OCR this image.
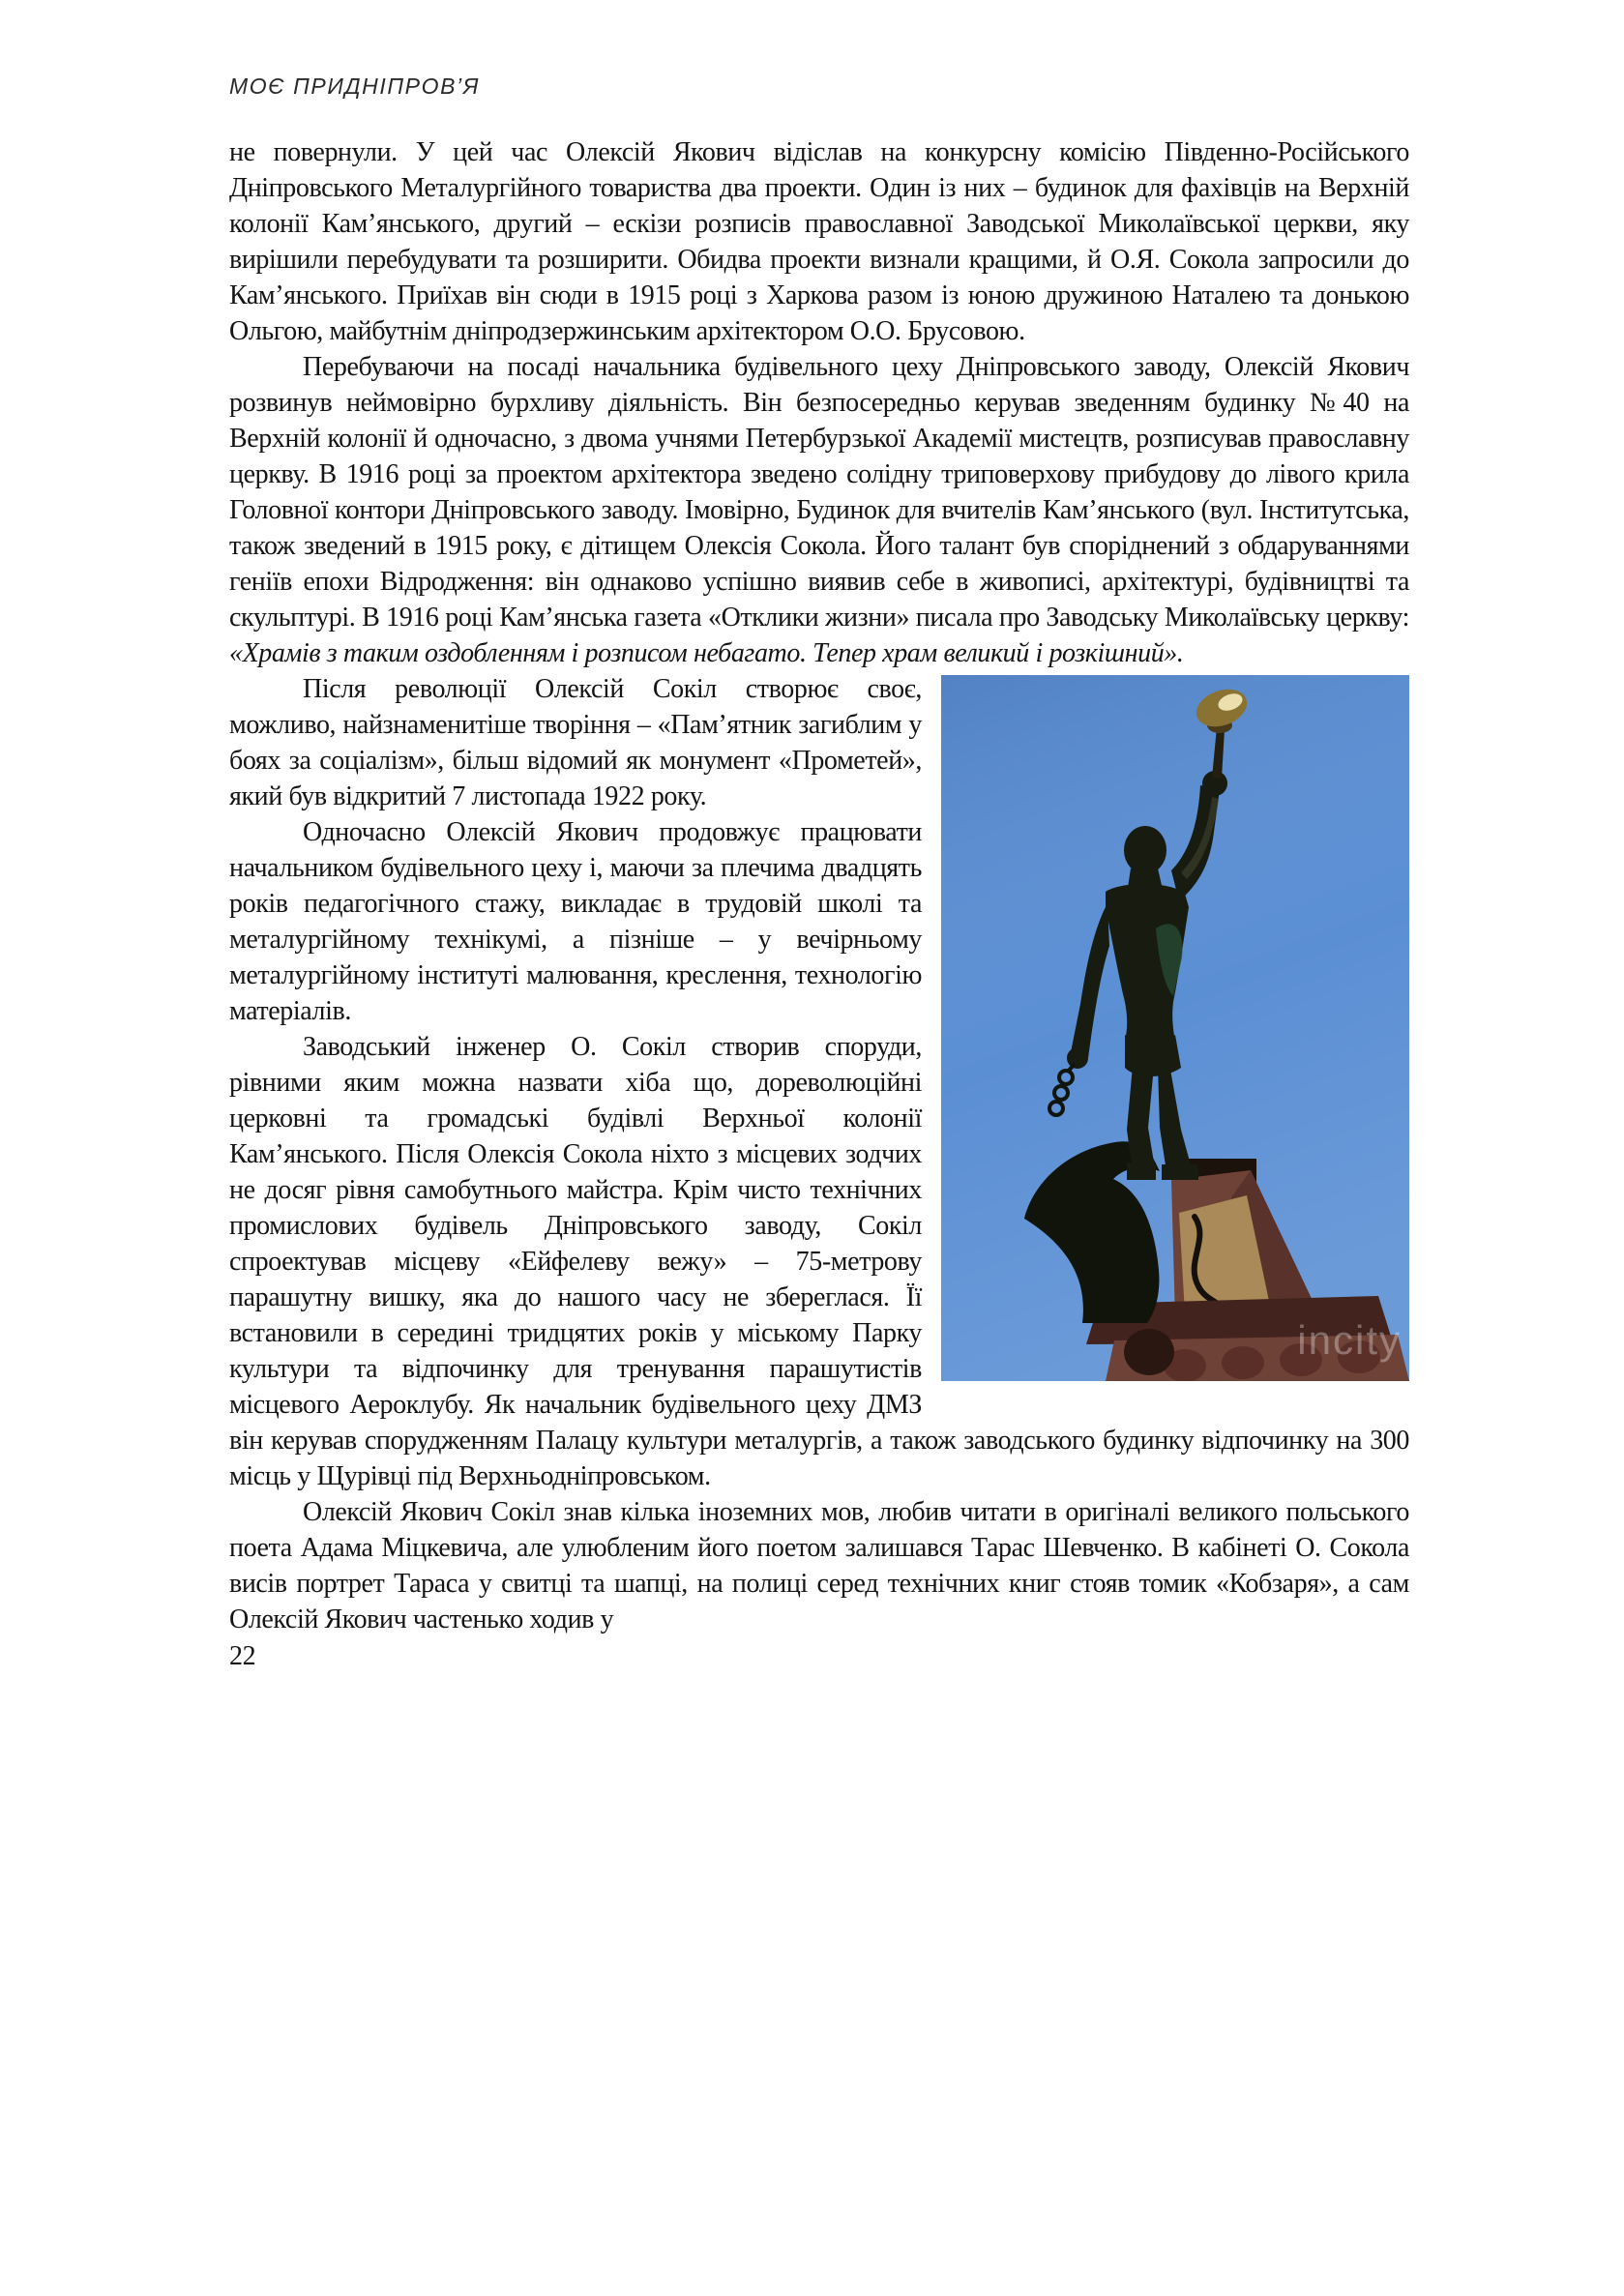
МОЄ ПРИДНІПРОВ’Я

не повернули. У цей час Олексій Якович відіслав на конкурсну комісію Південно-Російського Дніпровського Металургійного товариства два проекти. Один із них – будинок для фахівців на Верхній колонії Кам’янського, другий – ескізи розписів православної Заводської Миколаївської церкви, яку вирішили перебудувати та розширити. Обидва проекти визнали кращими, й О.Я. Сокола запросили до Кам’янського. Приїхав він сюди в 1915 році з Харкова разом із юною дружиною Наталею та донькою Ольгою, майбутнім дніпродзержинським архітектором О.О. Брусовою.

Перебуваючи на посаді начальника будівельного цеху Дніпровського заводу, Олексій Якович розвинув неймовірно бурхливу діяльність. Він безпосередньо керував зведенням будинку №40 на Верхній колонії й одночасно, з двома учнями Петербурзької Академії мистецтв, розписував православну церкву. В 1916 році за проектом архітектора зведено солідну триповерхову прибудову до лівого крила Головної контори Дніпровського заводу. Імовірно, Будинок для вчителів Кам’янського (вул. Інститутська, також зведений в 1915 року, є дітищем Олексія Сокола. Його талант був споріднений з обдаруваннями геніїв епохи Відродження: він однаково успішно виявив себе в живописі, архітектурі, будівництві та скульптурі. В 1916 році Кам’янська газета «Отклики жизни» писала про Заводську Миколаївську церкву: «Храмів з таким оздобленням і розписом небагато. Тепер храм великий і розкішний».

incity

Після революції Олексій Сокіл створює своє, можливо, найзнаменитіше творіння – «Пам’ятник загиблим у боях за соціалізм», більш відомий як монумент «Прометей», який був відкритий 7 листопада 1922 року.

Одночасно Олексій Якович продовжує працювати начальником будівельного цеху і, маючи за плечима двадцять років педагогічного стажу, викладає в трудовій школі та металургійному технікумі, а пізніше – у вечірньому металургійному інституті малювання, креслення, технологію матеріалів.

Заводський інженер О. Сокіл створив споруди, рівними яким можна назвати хіба що, дореволюційні церковні та громадські будівлі Верхньої колонії Кам’янського. Після Олексія Сокола ніхто з місцевих зодчих не досяг рівня самобутнього майстра. Крім чисто технічних промислових будівель Дніпровського заводу, Сокіл спроектував місцеву «Ейфелеву вежу» – 75-метрову парашутну вишку, яка до нашого часу не збереглася. Її встановили в середині тридцятих років у міському Парку культури та відпочинку для тренування парашутистів місцевого Аероклубу. Як начальник будівельного цеху ДМЗ він керував спорудженням Палацу культури металургів, а також заводського будинку відпочинку на 300 місць у Щурівці під Верхньодніпровськом.

Олексій Якович Сокіл знав кілька іноземних мов, любив читати в оригіналі великого польського поета Адама Міцкевича, але улюбленим його поетом залишався Тарас Шевченко. В кабінеті О. Сокола висів портрет Тараса у свитці та шапці, на полиці серед технічних книг стояв томик «Кобзаря», а сам Олексій Якович частенько ходив у

22
